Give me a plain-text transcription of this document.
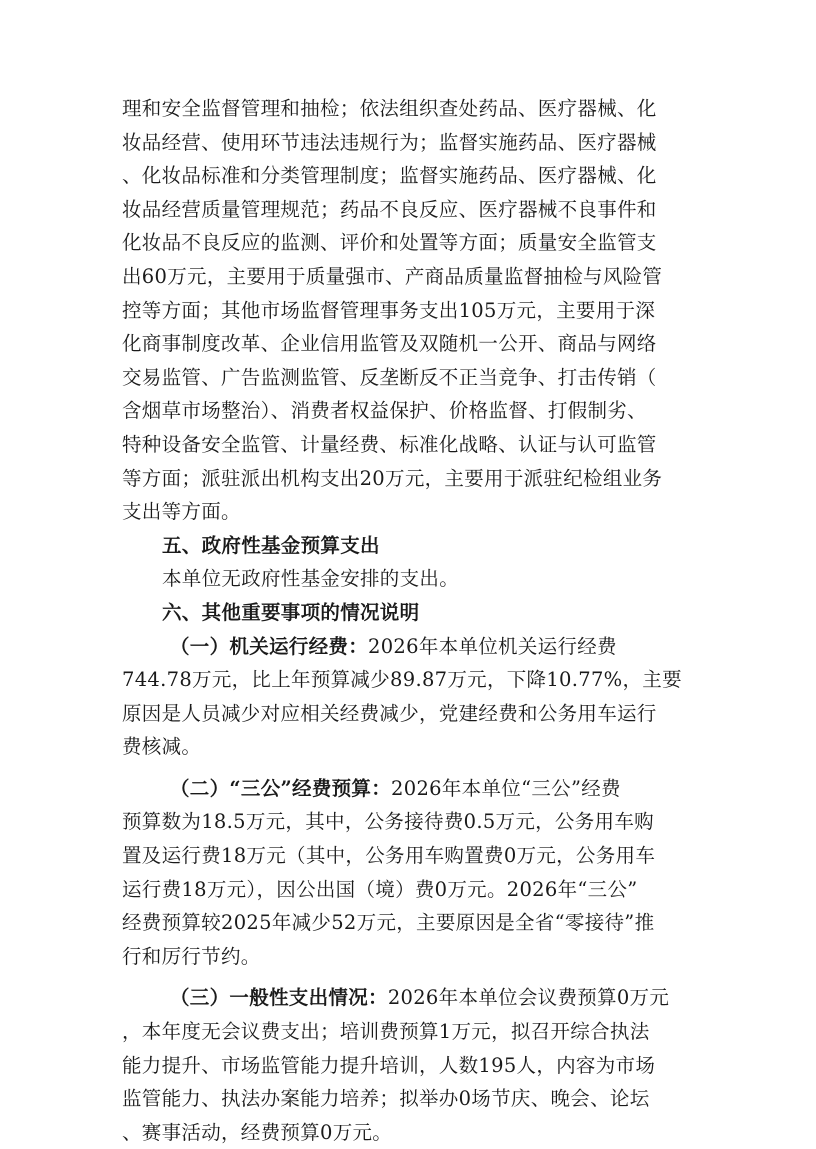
理和安全监督管理和抽检；依法组织查处药品、医疗器械、化
妆品经营、使用环节违法违规行为；监督实施药品、医疗器械
、化妆品标准和分类管理制度；监督实施药品、医疗器械、化
妆品经营质量管理规范；药品不良反应、医疗器械不良事件和
化妆品不良反应的监测、评价和处置等方面；质量安全监管支
出60万元，主要用于质量强市、产商品质量监督抽检与风险管
控等方面；其他市场监督管理事务支出105万元，主要用于深
化商事制度改革、企业信用监管及双随机一公开、商品与网络
交易监管、广告监测监管、反垄断反不正当竞争、打击传销（
含烟草市场整治）、消费者权益保护、价格监督、打假制劣、
特种设备安全监管、计量经费、标准化战略、认证与认可监管
等方面；派驻派出机构支出20万元，主要用于派驻纪检组业务
支出等方面。
五、政府性基金预算支出
本单位无政府性基金安排的支出。
六、其他重要事项的情况说明
（一）机关运行经费：2026年本单位机关运行经费
744.78万元，比上年预算减少89.87万元，下降10.77%，主要
原因是人员减少对应相关经费减少，党建经费和公务用车运行
费核减。
（二）“三公”经费预算：2026年本单位“三公”经费
预算数为18.5万元，其中，公务接待费0.5万元，公务用车购
置及运行费18万元（其中，公务用车购置费0万元，公务用车
运行费18万元），因公出国（境）费0万元。2026年“三公”
经费预算较2025年减少52万元，主要原因是全省“零接待”推
行和厉行节约。
（三）一般性支出情况：2026年本单位会议费预算0万元
，本年度无会议费支出；培训费预算1万元，拟召开综合执法
能力提升、市场监管能力提升培训，人数195人，内容为市场
监管能力、执法办案能力培养；拟举办0场节庆、晚会、论坛
、赛事活动，经费预算0万元。
